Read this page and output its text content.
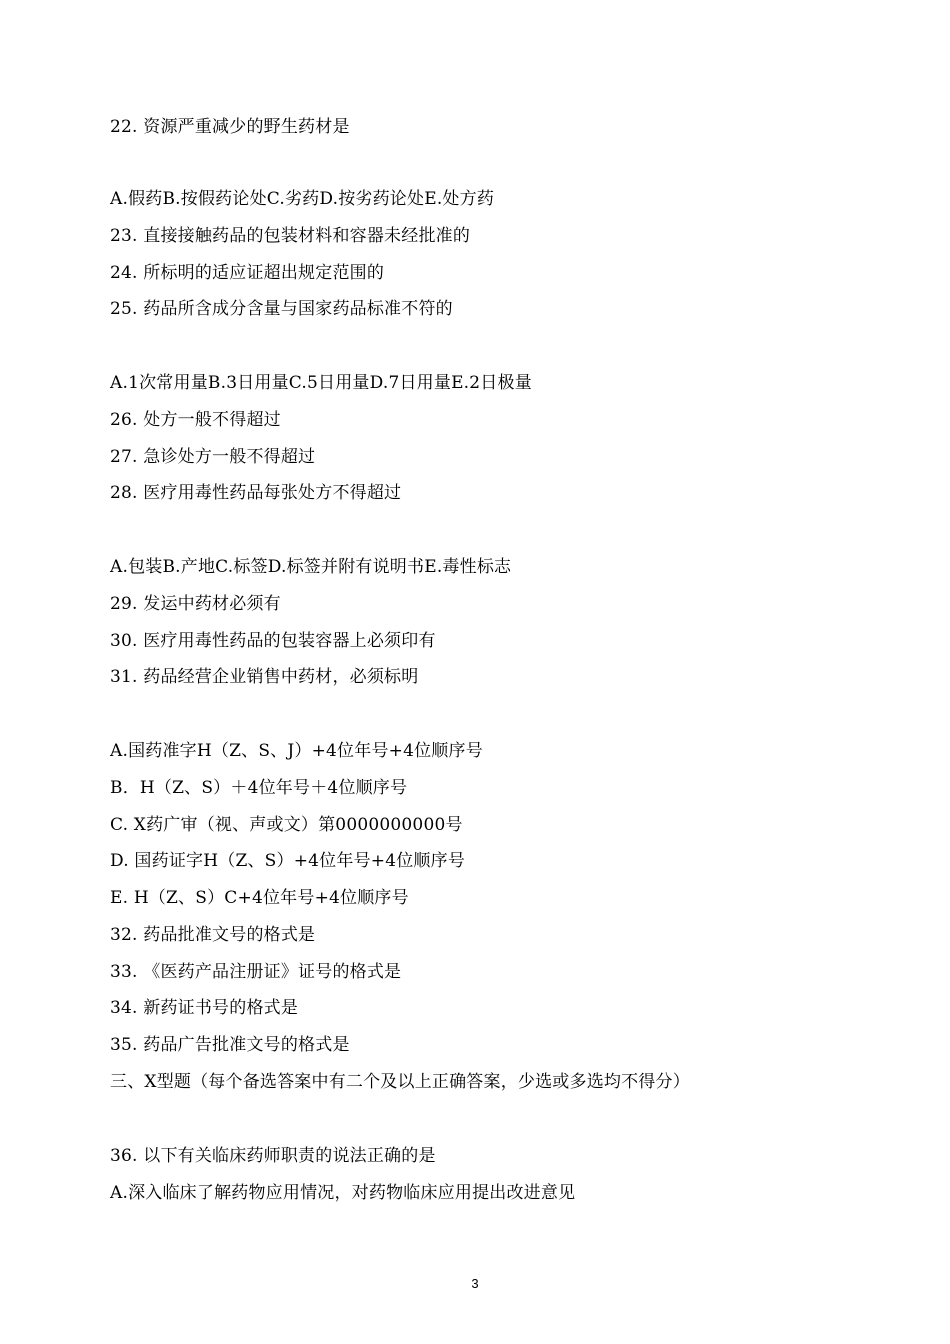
22. 资源严重减少的野生药材是
A.假药B.按假药论处C.劣药D.按劣药论处E.处方药
23. 直接接触药品的包装材料和容器未经批准的
24. 所标明的适应证超出规定范围的
25. 药品所含成分含量与国家药品标准不符的
A.1次常用量B.3日用量C.5日用量D.7日用量E.2日极量
26. 处方一般不得超过
27. 急诊处方一般不得超过
28. 医疗用毒性药品每张处方不得超过
A.包装B.产地C.标签D.标签并附有说明书E.毒性标志
29. 发运中药材必须有
30. 医疗用毒性药品的包装容器上必须印有
31. 药品经营企业销售中药材，必须标明
A.国药准字H（Z、S、J）+4位年号+4位顺序号
B．H（Z、S）＋4位年号＋4位顺序号
C. X药广审（视、声或文）第0000000000号
D. 国药证字H（Z、S）+4位年号+4位顺序号
E. H（Z、S）C+4位年号+4位顺序号
32. 药品批准文号的格式是
33. 《医药产品注册证》证号的格式是
34. 新药证书号的格式是
35. 药品广告批准文号的格式是
三、X型题（每个备选答案中有二个及以上正确答案，少选或多选均不得分）
36. 以下有关临床药师职责的说法正确的是
A.深入临床了解药物应用情况，对药物临床应用提出改进意见
3
